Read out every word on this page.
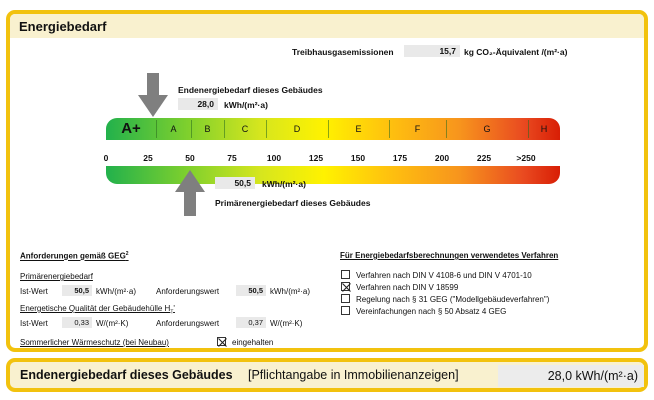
Energiebedarf
Treibhausgasemissionen	15,7 kg CO₂-Äquivalent /(m²·a)
Endenergiebedarf dieses Gebäudes
28,0	kWh/(m²·a)
A+	A	B	C	D	E	F	G	H
0	25	50	75	100	125	150	175	200	225	>250
50,5	kWh/(m²·a)
Primärenergiebedarf dieses Gebäudes
Anforderungen gemäß GEG$^2$
Primärenergiebedarf
Ist-Wert	50,5 kWh/(m²·a)	Anforderungswert	50,5 kWh/(m²·a)
Energetische Qualität der Gebäudehülle $H_T'$
Ist-Wert	0,33 W/(m²·K)	Anforderungswert	0,37 W/(m²·K)
Sommerlicher Wärmeschutz (bei Neubau)	eingehalten
Für Energiebedarfsberechnungen verwendetes Verfahren
Verfahren nach DIN V 4108-6 und DIN V 4701-10
Verfahren nach DIN V 18599
Regelung nach § 31 GEG ("Modellgebäudeverfahren")
Vereinfachungen nach § 50 Absatz 4 GEG
Endenergiebedarf dieses Gebäudes [Pflichtangabe in Immobilienanzeigen]	28,0 kWh/(m²·a)
